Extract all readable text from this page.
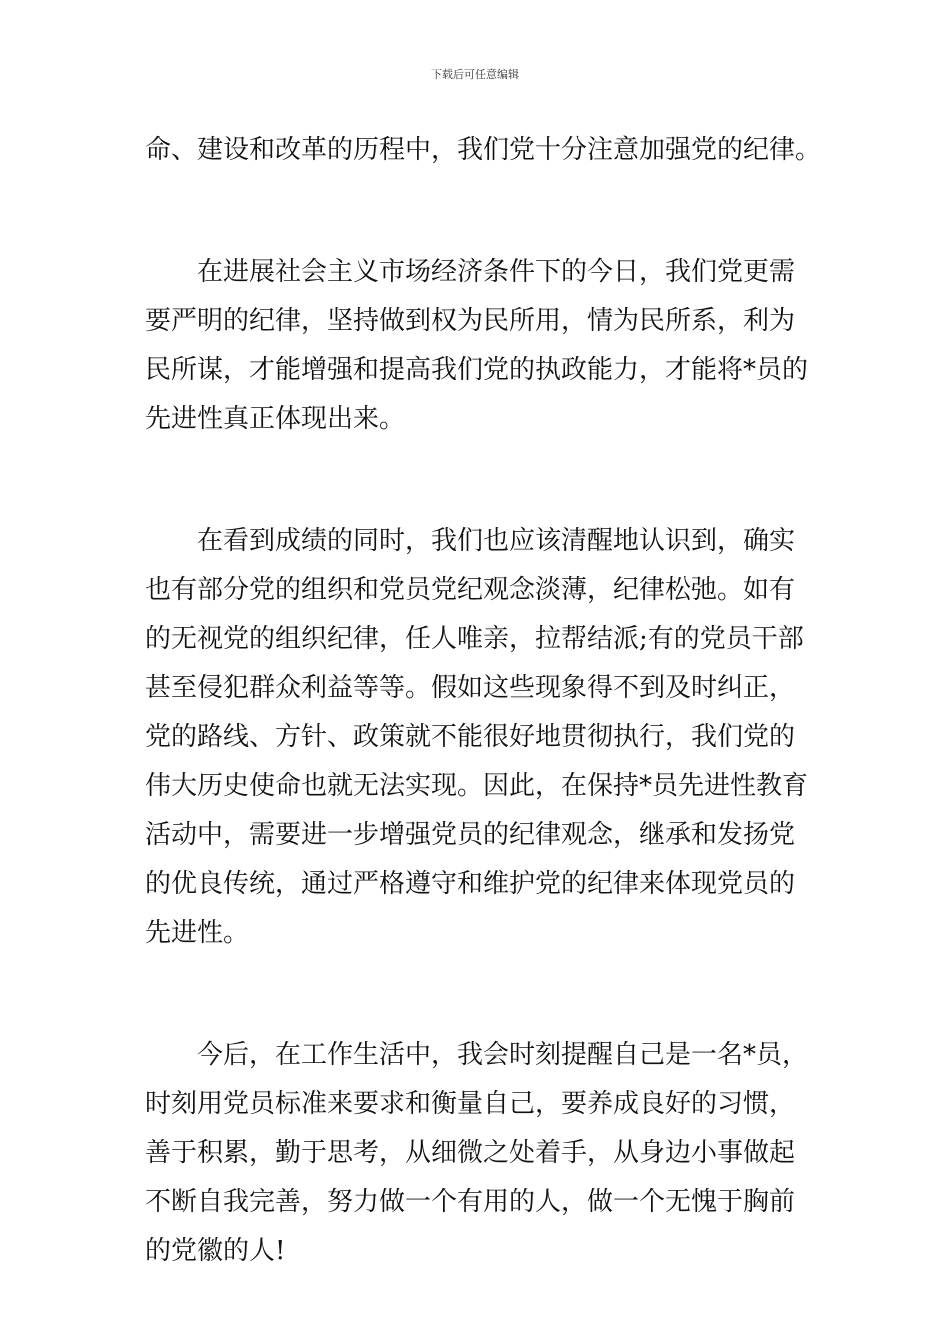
下载后可任意编辑
命、建设和改革的历程中，我们党十分注意加强党的纪律。
在进展社会主义市场经济条件下的今日，我们党更需
要严明的纪律，坚持做到权为民所用，情为民所系，利为
民所谋，才能增强和提高我们党的执政能力，才能将*员的
先进性真正体现出来。
在看到成绩的同时，我们也应该清醒地认识到，确实
也有部分党的组织和党员党纪观念淡薄，纪律松弛。如有
的无视党的组织纪律，任人唯亲，拉帮结派;有的党员干部
甚至侵犯群众利益等等。假如这些现象得不到及时纠正，
党的路线、方针、政策就不能很好地贯彻执行，我们党的
伟大历史使命也就无法实现。因此，在保持*员先进性教育
活动中，需要进一步增强党员的纪律观念，继承和发扬党
的优良传统，通过严格遵守和维护党的纪律来体现党员的
先进性。
今后，在工作生活中，我会时刻提醒自己是一名*员，
时刻用党员标准来要求和衡量自己，要养成良好的习惯，
善于积累，勤于思考，从细微之处着手，从身边小事做起
不断自我完善，努力做一个有用的人，做一个无愧于胸前
的党徽的人!
